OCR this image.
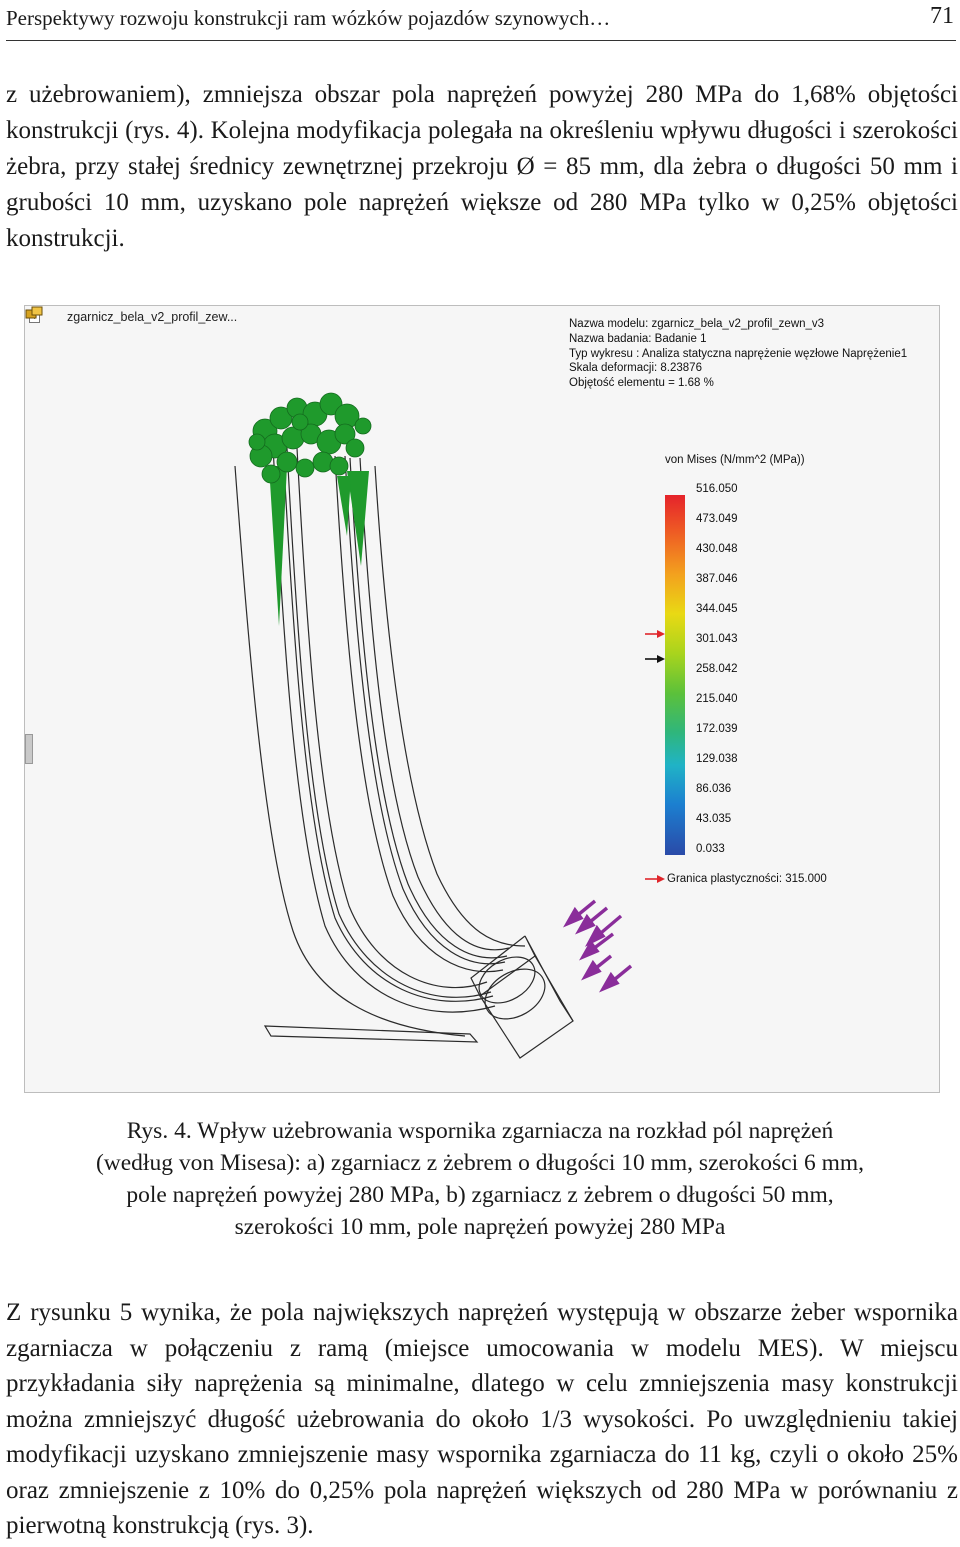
Perspektywy rozwoju konstrukcji ram wózków pojazdów szynowych…	71

z użebrowaniem), zmniejsza obszar pola naprężeń powyżej 280 MPa do 1,68% objętości konstrukcji (rys. 4). Kolejna modyfikacja polegała na określeniu wpływu długości i szerokości żebra, przy stałej średnicy zewnętrznej przekroju Ø = 85 mm, dla żebra o długości 50 mm i grubości 10 mm, uzyskano pole naprężeń większe od 280 MPa tylko w 0,25% objętości konstrukcji.

zgarnicz_bela_v2_profil_zew...	Nazwa modelu: zgarnicz_bela_v2_profil_zewn_v3
Nazwa badania: Badanie 1
Typ wykresu : Analiza statyczna naprężenie węzłowe Naprężenie1
Skala deformacji: 8.23876
Objętość elementu = 1.68 %
von Mises (N/mm^2 (MPa))
516.050
473.049
430.048
387.046
344.045
301.043
258.042
215.040
172.039
129.038
86.036
43.035
0.033
Granica plastyczności: 315.000

Rys. 4. Wpływ użebrowania wspornika zgarniacza na rozkład pól naprężeń
(według von Misesa): a) zgarniacz z żebrem o długości 10 mm, szerokości 6 mm,
pole naprężeń powyżej 280 MPa, b) zgarniacz z żebrem o długości 50 mm,
szerokości 10 mm, pole naprężeń powyżej 280 MPa

Z rysunku 5 wynika, że pola największych naprężeń występują w obszarze żeber wspornika zgarniacza w połączeniu z ramą (miejsce umocowania w modelu MES). W miejscu przykładania siły naprężenia są minimalne, dlatego w celu zmniejszenia masy konstrukcji można zmniejszyć długość użebrowania do około 1/3 wysokości. Po uwzględnieniu takiej modyfikacji uzyskano zmniejszenie masy wspornika zgarniacza do 11 kg, czyli o około 25% oraz zmniejszenie z 10% do 0,25% pola naprężeń większych od 280 MPa w porównaniu z pierwotną konstrukcją (rys. 3).
